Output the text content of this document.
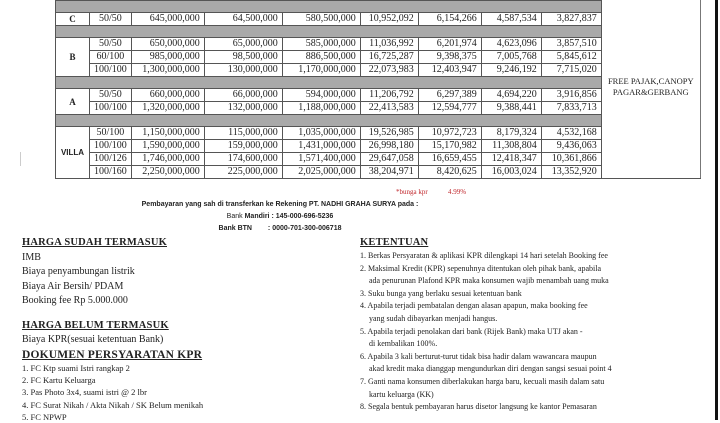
									FREE PAJAK,CANOPY
PAGAR&GERBANG

C	50/50	645,000,000	64,500,000	580,500,000	10,952,092	6,154,266	4,587,534	3,827,837	

B	50/50	650,000,000	65,000,000	585,000,000	11,036,992	6,201,974	4,623,096	3,857,510	
	60/100	985,000,000	98,500,000	886,500,000	16,725,287	9,398,375	7,005,768	5,845,612	
	100/100	1,300,000,000	130,000,000	1,170,000,000	22,073,983	12,403,947	9,246,192	7,715,020	

A	50/50	660,000,000	66,000,000	594,000,000	11,206,792	6,297,389	4,694,220	3,916,856	
	100/100	1,320,000,000	132,000,000	1,188,000,000	22,413,583	12,594,777	9,388,441	7,833,713	

VILLA	50/100	1,150,000,000	115,000,000	1,035,000,000	19,526,985	10,972,723	8,179,324	4,532,168	
	100/100	1,590,000,000	159,000,000	1,431,000,000	26,998,180	15,170,982	11,308,804	9,436,063	
	100/126	1,746,000,000	174,600,000	1,571,400,000	29,647,058	16,659,455	12,418,347	10,361,866	
	100/160	2,250,000,000	225,000,000	2,025,000,000	38,204,971	8,420,625	16,003,024	13,352,920	
*bunga kpr	4.99%
Pembayaran yang sah di transferkan ke Rekening PT. NADHI GRAHA SURYA pada :
Bank Mandiri : 145-000-696-5236
Bank BTN : 0000-701-300-006718
HARGA SUDAH TERMASUK
IMB
Biaya penyambungan listrik
Biaya Air Bersih/ PDAM
Booking fee Rp 5.000.000
HARGA BELUM TERMASUK
Biaya KPR(sesuai ketentuan Bank)
DOKUMEN PERSYARATAN KPR
1. FC Ktp suami Istri rangkap 2
2. FC Kartu Keluarga
3. Pas Photo 3x4, suami istri @ 2 lbr
4. FC Surat Nikah / Akta Nikah / SK Belum menikah
5. FC NPWP
KETENTUAN
1. Berkas Persyaratan & aplikasi KPR dilengkapi 14 hari setelah Booking fee
2. Maksimal Kredit (KPR) sepenuhnya ditentukan oleh pihak bank, apabila
ada penurunan Plafond KPR maka konsumen wajib menambah uang muka
3. Suku bunga yang berlaku sesuai ketentuan bank
4. Apabila terjadi pembatalan dengan alasan apapun, maka booking fee
yang sudah dibayarkan menjadi hangus.
5. Apabila terjadi penolakan dari bank (Rijek Bank) maka UTJ akan -
di kembalikan 100%.
6. Apabila 3 kali berturut-turut tidak bisa hadir dalam wawancara maupun
akad kredit maka dianggap mengundurkan diri dengan sangsi sesuai point 4
7. Ganti nama konsumen diberlakukan harga baru, kecuali masih dalam satu
kartu keluarga (KK)
8. Segala bentuk pembayaran harus disetor langsung ke kantor Pemasaran
